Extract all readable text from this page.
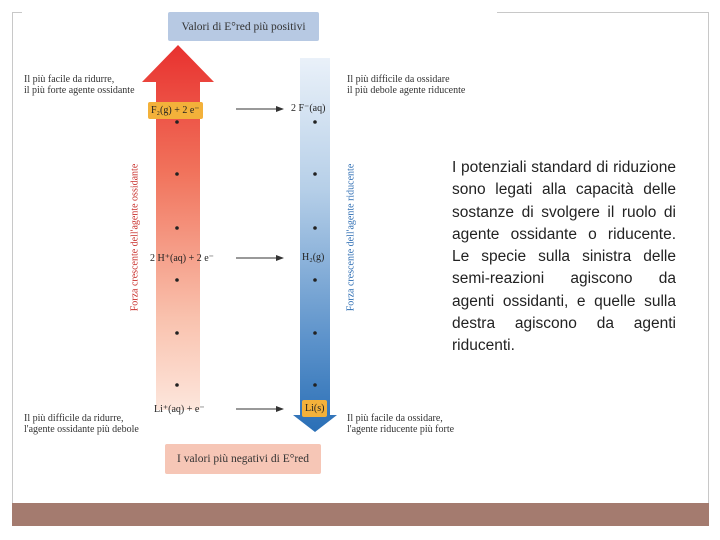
Valori di E°red più positivi
I valori più negativi di E°red
Il più facile da ridurre,
il più forte agente ossidante
Il più difficile da ridurre,
l'agente ossidante più debole
Il più difficile da ossidare
il più debole agente riducente
Il più facile da ossidare,
l'agente riducente più forte
F₂(g) + 2 e⁻
2 H⁺(aq) + 2 e⁻
Li⁺(aq) + e⁻
2 F⁻(aq)
H₂(g)
Li(s)
Forza crescente dell'agente ossidante	Forza crescente dell'agente riducente	I potenziali standard di riduzione sono legati alla capacità delle sostanze di svolgere il ruolo di agente ossidante o riducente. Le specie sulla sinistra delle semi-reazioni agiscono da agenti ossidanti, e quelle sulla destra agiscono da agenti riducenti.
